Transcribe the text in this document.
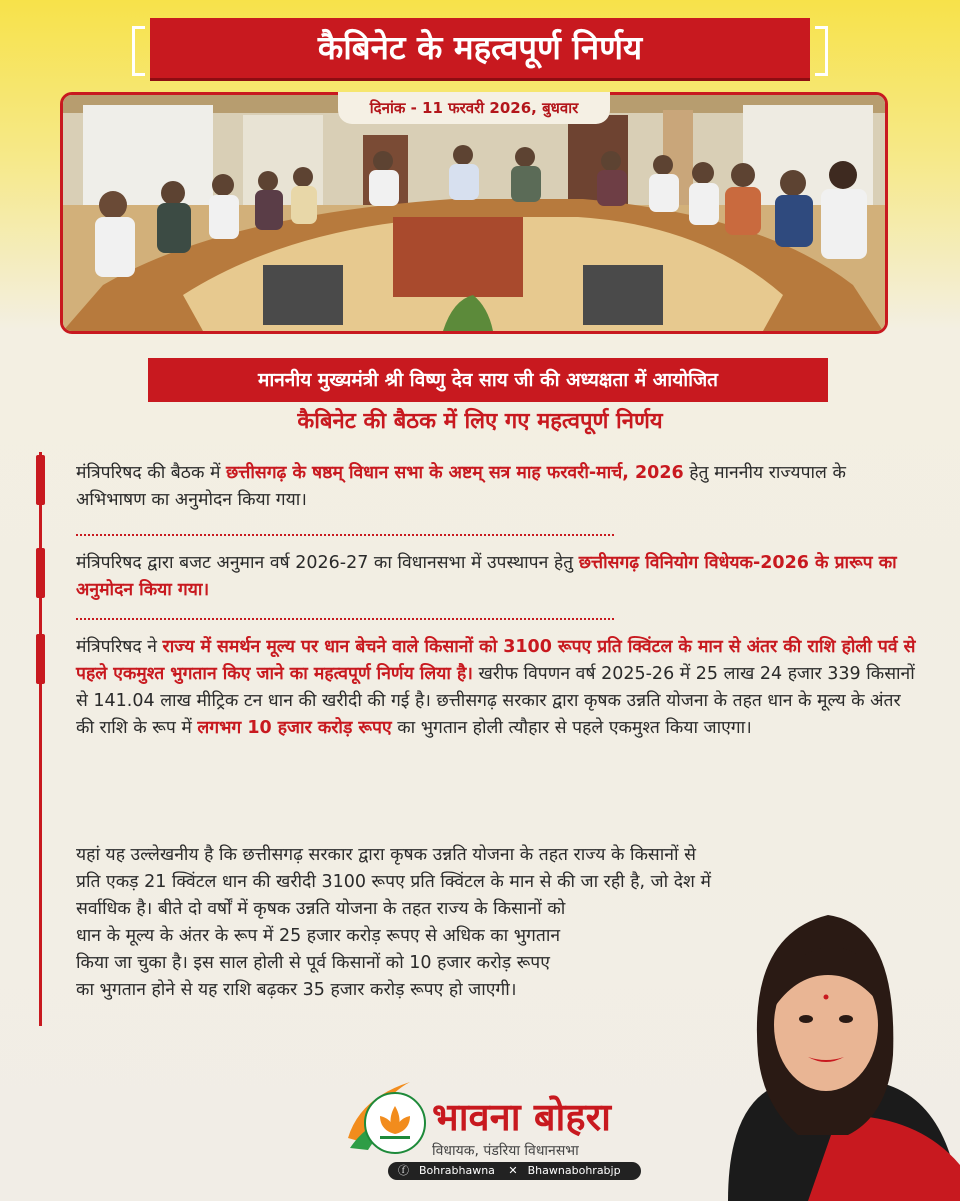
कैबिनेट के महत्वपूर्ण निर्णय
दिनांक - 11 फरवरी 2026, बुधवार
माननीय मुख्यमंत्री श्री विष्णु देव साय जी की अध्यक्षता में आयोजित
कैबिनेट की बैठक में लिए गए महत्वपूर्ण निर्णय
मंत्रिपरिषद की बैठक में छत्तीसगढ़ के षष्ठम् विधान सभा के अष्टम् सत्र माह फरवरी-मार्च, 2026 हेतु माननीय राज्यपाल के अभिभाषण का अनुमोदन किया गया।
मंत्रिपरिषद द्वारा बजट अनुमान वर्ष 2026-27 का विधानसभा में उपस्थापन हेतु छत्तीसगढ़ विनियोग विधेयक-2026 के प्रारूप का अनुमोदन किया गया।
मंत्रिपरिषद ने राज्य में समर्थन मूल्य पर धान बेचने वाले किसानों को 3100 रूपए प्रति क्विंटल के मान से अंतर की राशि होली पर्व से पहले एकमुश्त भुगतान किए जाने का महत्वपूर्ण निर्णय लिया है। खरीफ विपणन वर्ष 2025-26 में 25 लाख 24 हजार 339 किसानों से 141.04 लाख मीट्रिक टन धान की खरीदी की गई है। छत्तीसगढ़ सरकार द्वारा कृषक उन्नति योजना के तहत धान के मूल्य के अंतर की राशि के रूप में लगभग 10 हजार करोड़ रूपए का भुगतान होली त्यौहार से पहले एकमुश्त किया जाएगा।
यहां यह उल्लेखनीय है कि छत्तीसगढ़ सरकार द्वारा कृषक उन्नति योजना के तहत राज्य के किसानों से
प्रति एकड़ 21 क्विंटल धान की खरीदी 3100 रूपए प्रति क्विंटल के मान से की जा रही है, जो देश में
सर्वाधिक है। बीते दो वर्षों में कृषक उन्नति योजना के तहत राज्य के किसानों को
धान के मूल्य के अंतर के रूप में 25 हजार करोड़ रूपए से अधिक का भुगतान
किया जा चुका है। इस साल होली से पूर्व किसानों को 10 हजार करोड़ रूपए
का भुगतान होने से यह राशि बढ़कर 35 हजार करोड़ रूपए हो जाएगी।
भावना बोहरा
विधायक, पंडरिया विधानसभा
ⓕ Bohrabhawna ✕ Bhawnabohrabjp
